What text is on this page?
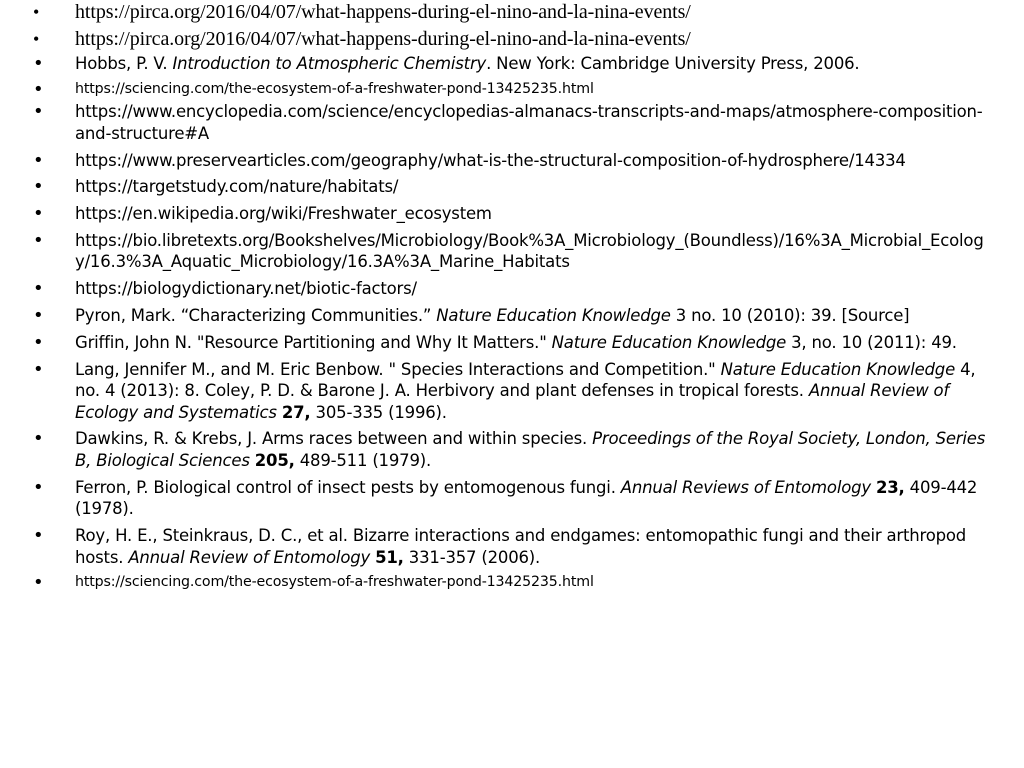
• https://pirca.org/2016/04/07/what-happens-during-el-nino-and-la-nina-events/
• https://pirca.org/2016/04/07/what-happens-during-el-nino-and-la-nina-events/
• Hobbs, P. V. Introduction to Atmospheric Chemistry. New York: Cambridge University Press, 2006.
• https://sciencing.com/the-ecosystem-of-a-freshwater-pond-13425235.html
• https://www.encyclopedia.com/science/encyclopedias-almanacs-transcripts-and-maps/atmosphere-composition-and-structure#A
• https://www.preservearticles.com/geography/what-is-the-structural-composition-of-hydrosphere/14334
• https://targetstudy.com/nature/habitats/
• https://en.wikipedia.org/wiki/Freshwater_ecosystem
• https://bio.libretexts.org/Bookshelves/Microbiology/Book%3A_Microbiology_(Boundless)/16%3A_Microbial_Ecology/16.3%3A_Aquatic_Microbiology/16.3A%3A_Marine_Habitats
• https://biologydictionary.net/biotic-factors/
• Pyron, Mark. “Characterizing Communities.” Nature Education Knowledge 3 no. 10 (2010): 39. [Source]
• Griffin, John N. "Resource Partitioning and Why It Matters." Nature Education Knowledge 3, no. 10 (2011): 49.
• Lang, Jennifer M., and M. Eric Benbow. " Species Interactions and Competition." Nature Education Knowledge 4, no. 4 (2013): 8. Coley, P. D. & Barone J. A. Herbivory and plant defenses in tropical forests. Annual Review of Ecology and Systematics 27, 305-335 (1996).
• Dawkins, R. & Krebs, J. Arms races between and within species. Proceedings of the Royal Society, London, Series B, Biological Sciences 205, 489-511 (1979).
• Ferron, P. Biological control of insect pests by entomogenous fungi. Annual Reviews of Entomology 23, 409-442 (1978).
• Roy, H. E., Steinkraus, D. C., et al. Bizarre interactions and endgames: entomopathic fungi and their arthropod hosts. Annual Review of Entomology 51, 331-357 (2006).
• https://sciencing.com/the-ecosystem-of-a-freshwater-pond-13425235.html
